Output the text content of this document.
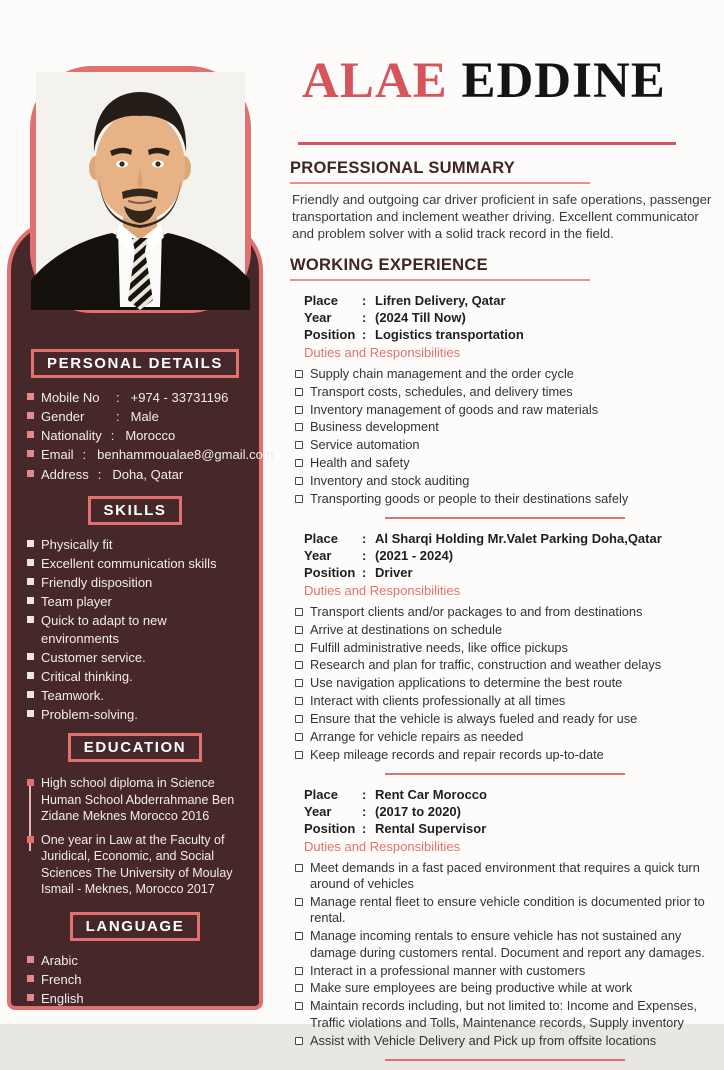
PERSONAL DETAILS
Mobile No	: +974 - 33731196
Gender	: Male
Nationality : Morocco
Email : benhammoualae8@gmail.com
Address : Doha, Qatar
SKILLS
Physically fit
Excellent communication skills
Friendly disposition
Team player
Quick to adapt to new environments
Customer service.
Critical thinking.
Teamwork.
Problem-solving.
EDUCATION
High school diploma in Science Human School Abderrahmane Ben Zidane Meknes Morocco 2016
One year in Law at the Faculty of Juridical, Economic, and Social Sciences The University of Moulay Ismail - Meknes, Morocco 2017
LANGUAGE
Arabic
French
English
ALAE EDDINE
PROFESSIONAL SUMMARY

Friendly and outgoing car driver proficient in safe operations, passenger transportation and inclement weather driving. Excellent communicator and problem solver with a solid track record in the field.

WORKING EXPERIENCE
Place	: Lifren Delivery, Qatar
Year	: (2024 Till Now)
Position : Logistics transportation
Duties and Responsibilities
Supply chain management and the order cycle
Transport costs, schedules, and delivery times
Inventory management of goods and raw materials
Business development
Service automation
Health and safety
Inventory and stock auditing
Transporting goods or people to their destinations safely
Place	: Al Sharqi Holding Mr.Valet Parking Doha,Qatar
Year	: (2021 - 2024)
Position : Driver
Duties and Responsibilities
Transport clients and/or packages to and from destinations
Arrive at destinations on schedule
Fulfill administrative needs, like office pickups
Research and plan for traffic, construction and weather delays
Use navigation applications to determine the best route
Interact with clients professionally at all times
Ensure that the vehicle is always fueled and ready for use
Arrange for vehicle repairs as needed
Keep mileage records and repair records up-to-date
Place	: Rent Car Morocco
Year	: (2017 to 2020)
Position : Rental Supervisor
Duties and Responsibilities
Meet demands in a fast paced environment that requires a quick turn around of vehicles
Manage rental fleet to ensure vehicle condition is documented prior to rental.
Manage incoming rentals to ensure vehicle has not sustained any damage during customers rental. Document and report any damages.
Interact in a professional manner with customers
Make sure employees are being productive while at work
Maintain records including, but not limited to: Income and Expenses, Traffic violations and Tolls, Maintenance records, Supply inventory
Assist with Vehicle Delivery and Pick up from offsite locations
